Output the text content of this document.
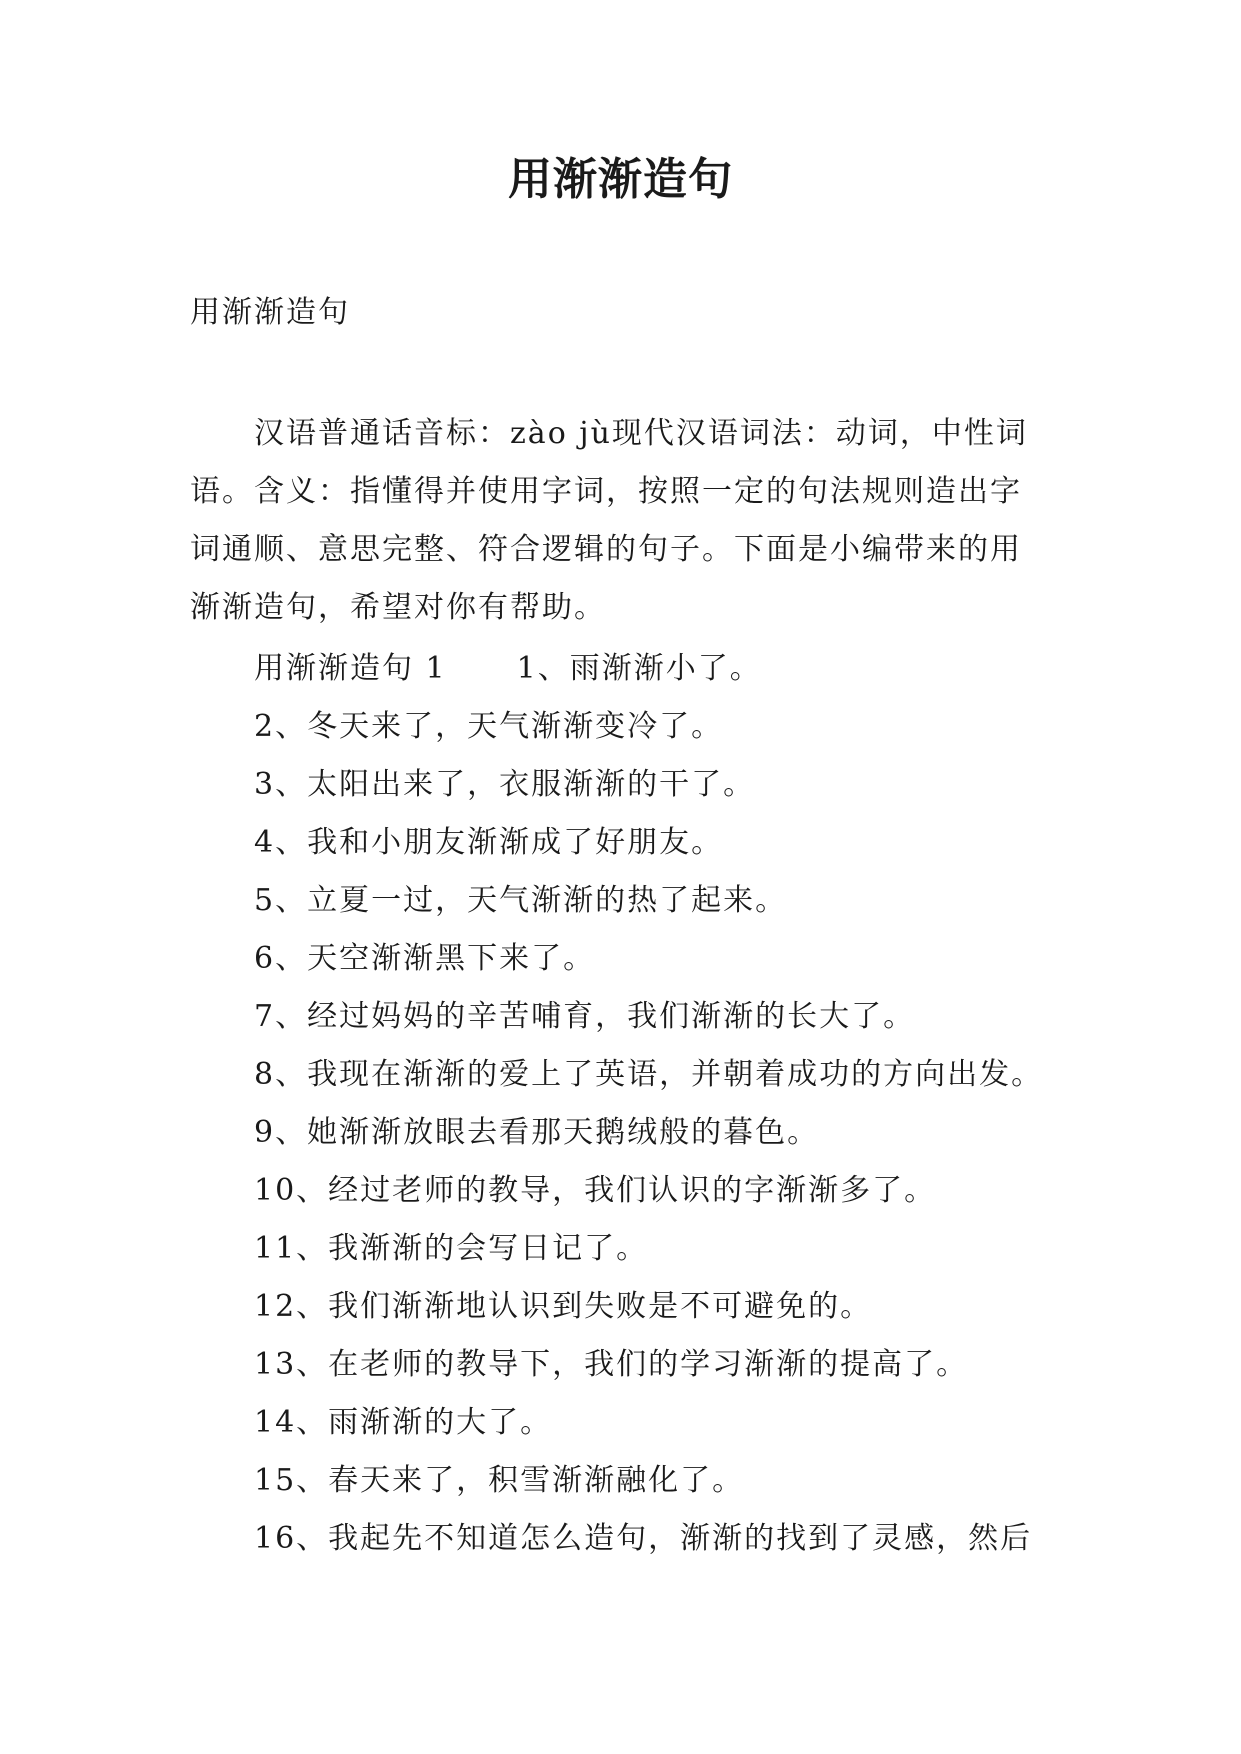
用渐渐造句

用渐渐造句

汉语普通话音标：zào jù现代汉语词法：动词，中性词语。含义：指懂得并使用字词，按照一定的句法规则造出字词通顺、意思完整、符合逻辑的句子。下面是小编带来的用渐渐造句，希望对你有帮助。

用渐渐造句 1 1、雨渐渐小了。
2、冬天来了，天气渐渐变冷了。
3、太阳出来了，衣服渐渐的干了。
4、我和小朋友渐渐成了好朋友。
5、立夏一过，天气渐渐的热了起来。
6、天空渐渐黑下来了。
7、经过妈妈的辛苦哺育，我们渐渐的长大了。
8、我现在渐渐的爱上了英语，并朝着成功的方向出发。
9、她渐渐放眼去看那天鹅绒般的暮色。
10、经过老师的教导，我们认识的字渐渐多了。
11、我渐渐的会写日记了。
12、我们渐渐地认识到失败是不可避免的。
13、在老师的教导下，我们的学习渐渐的提高了。
14、雨渐渐的大了。
15、春天来了，积雪渐渐融化了。
16、我起先不知道怎么造句，渐渐的找到了灵感，然后
